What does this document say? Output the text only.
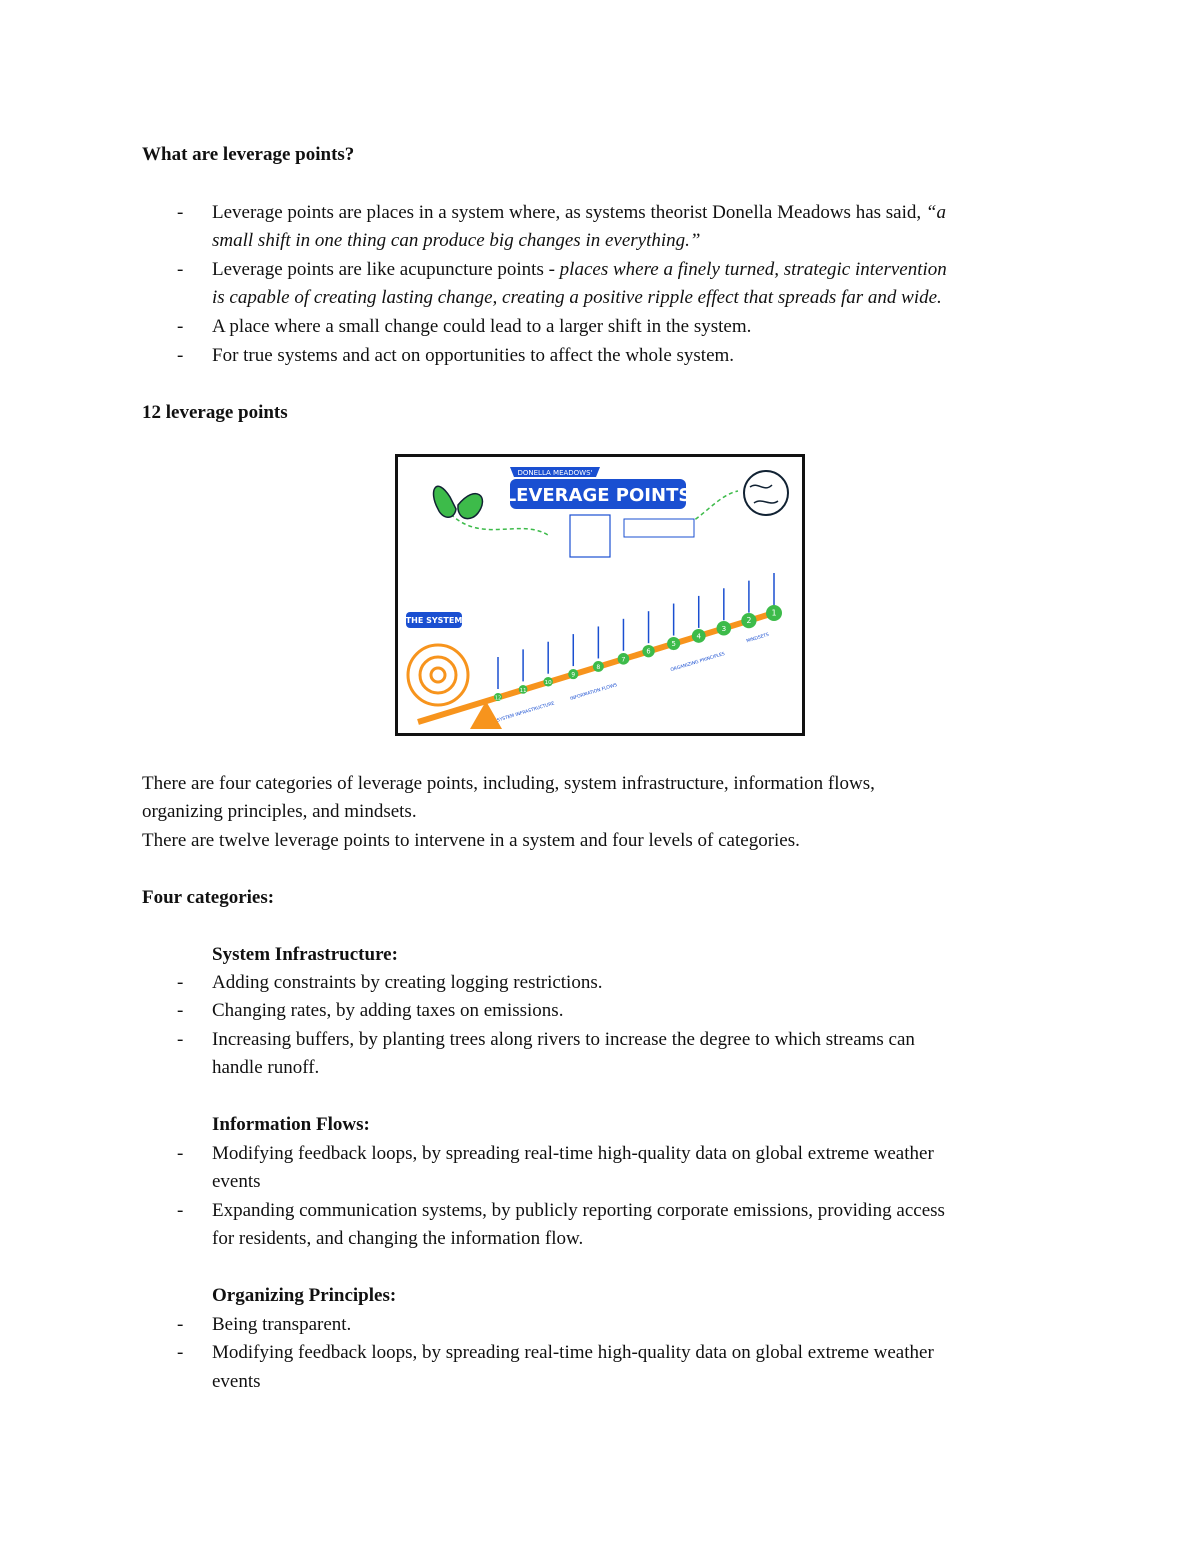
What are leverage points?
- Leverage points are places in a system where, as systems theorist Donella Meadows has said, “a
small shift in one thing can produce big changes in everything.”
- Leverage points are like acupuncture points - places where a finely turned, strategic intervention
is capable of creating lasting change, creating a positive ripple effect that spreads far and wide.
- A place where a small change could lead to a larger shift in the system.
- For true systems and act on opportunities to affect the whole system.
12 leverage points
DONELLA MEADOWS'
LEVERAGE POINTS
THE SYSTEM
12
11
10
9
8
7
6
5
4
3
2
1
SYSTEM INFRASTRUCTURE
INFORMATION FLOWS
ORGANIZING PRINCIPLES
MINDSETS
There are four categories of leverage points, including, system infrastructure, information flows,
organizing principles, and mindsets.
There are twelve leverage points to intervene in a system and four levels of categories.
Four categories:
System Infrastructure:
- Adding constraints by creating logging restrictions.
- Changing rates, by adding taxes on emissions.
- Increasing buffers, by planting trees along rivers to increase the degree to which streams can
handle runoff.
Information Flows:
- Modifying feedback loops, by spreading real-time high-quality data on global extreme weather
events
- Expanding communication systems, by publicly reporting corporate emissions, providing access
for residents, and changing the information flow.
Organizing Principles:
- Being transparent.
- Modifying feedback loops, by spreading real-time high-quality data on global extreme weather
events
